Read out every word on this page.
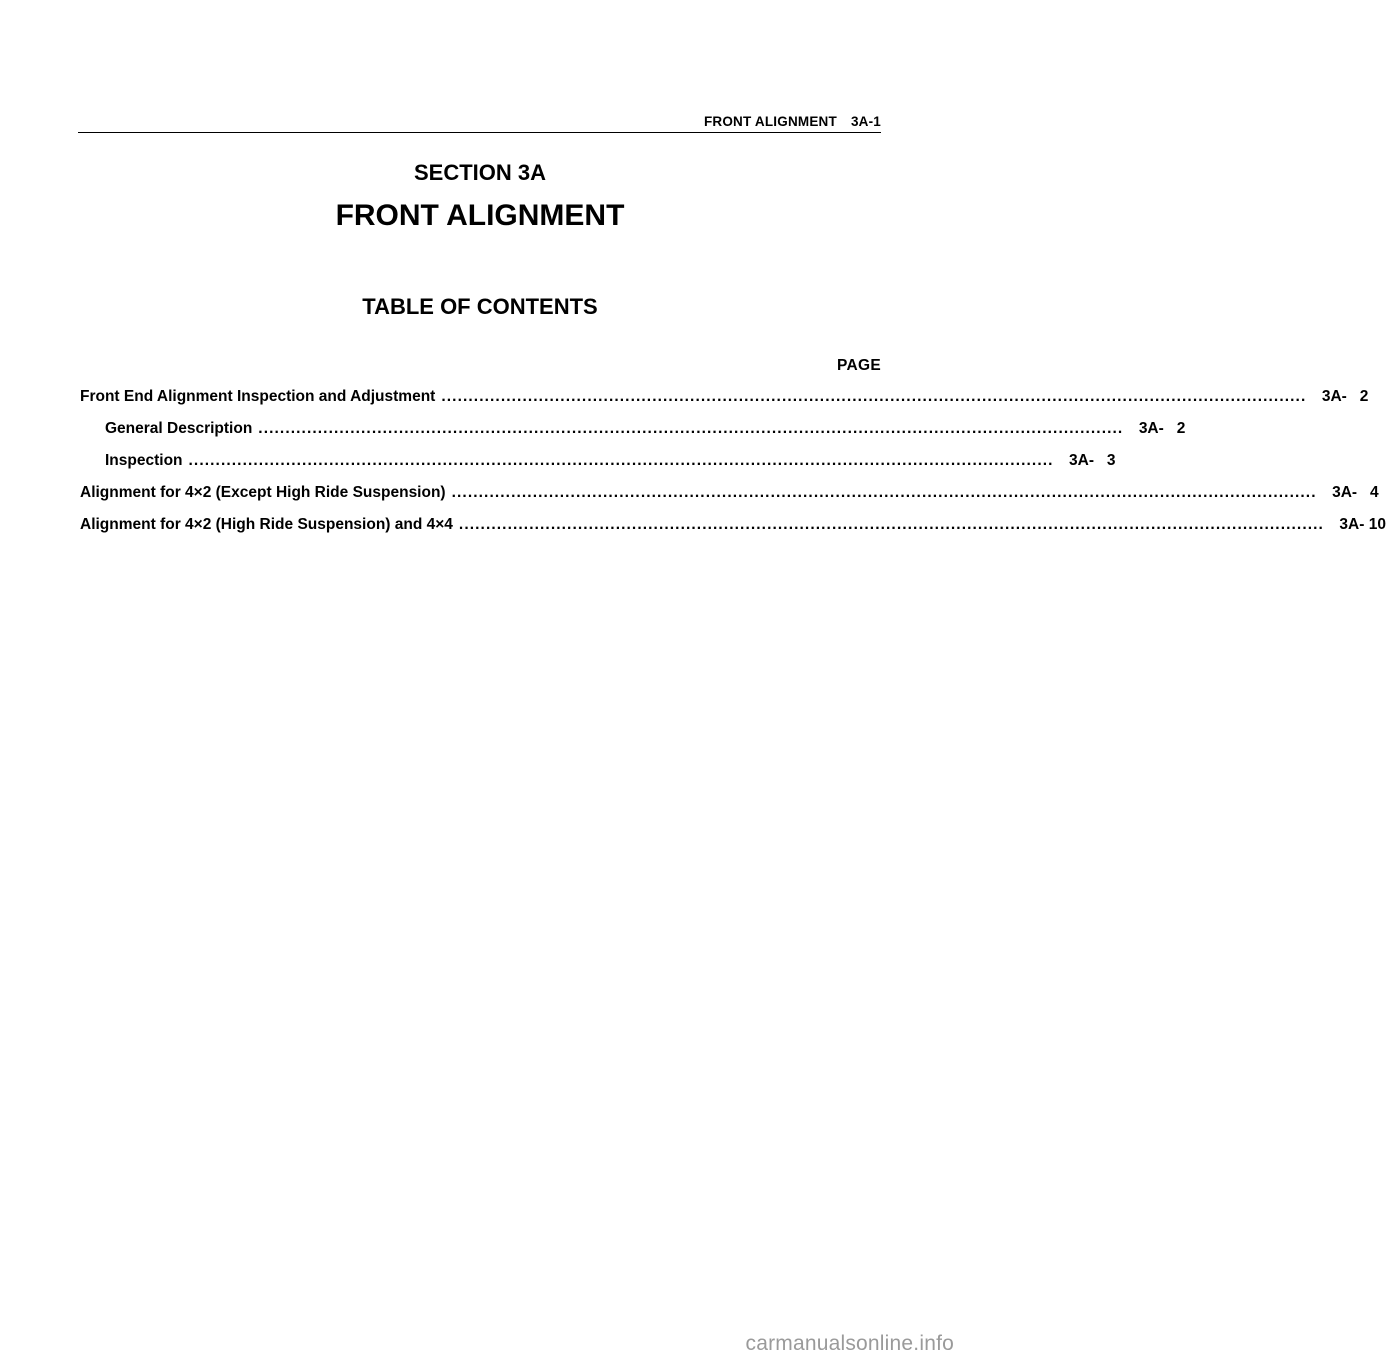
FRONT ALIGNMENT 3A-1
SECTION 3A
FRONT ALIGNMENT
TABLE OF CONTENTS
PAGE
Front End Alignment Inspection and Adjustment ................................................................................................................................................................ 3A-   2
General Description ................................................................................................................................................................ 3A-   2
Inspection ................................................................................................................................................................ 3A-   3
Alignment for 4×2 (Except High Ride Suspension) ................................................................................................................................................................ 3A-   4
Alignment for 4×2 (High Ride Suspension) and 4×4 ................................................................................................................................................................ 3A- 10
carmanualsonline.info
